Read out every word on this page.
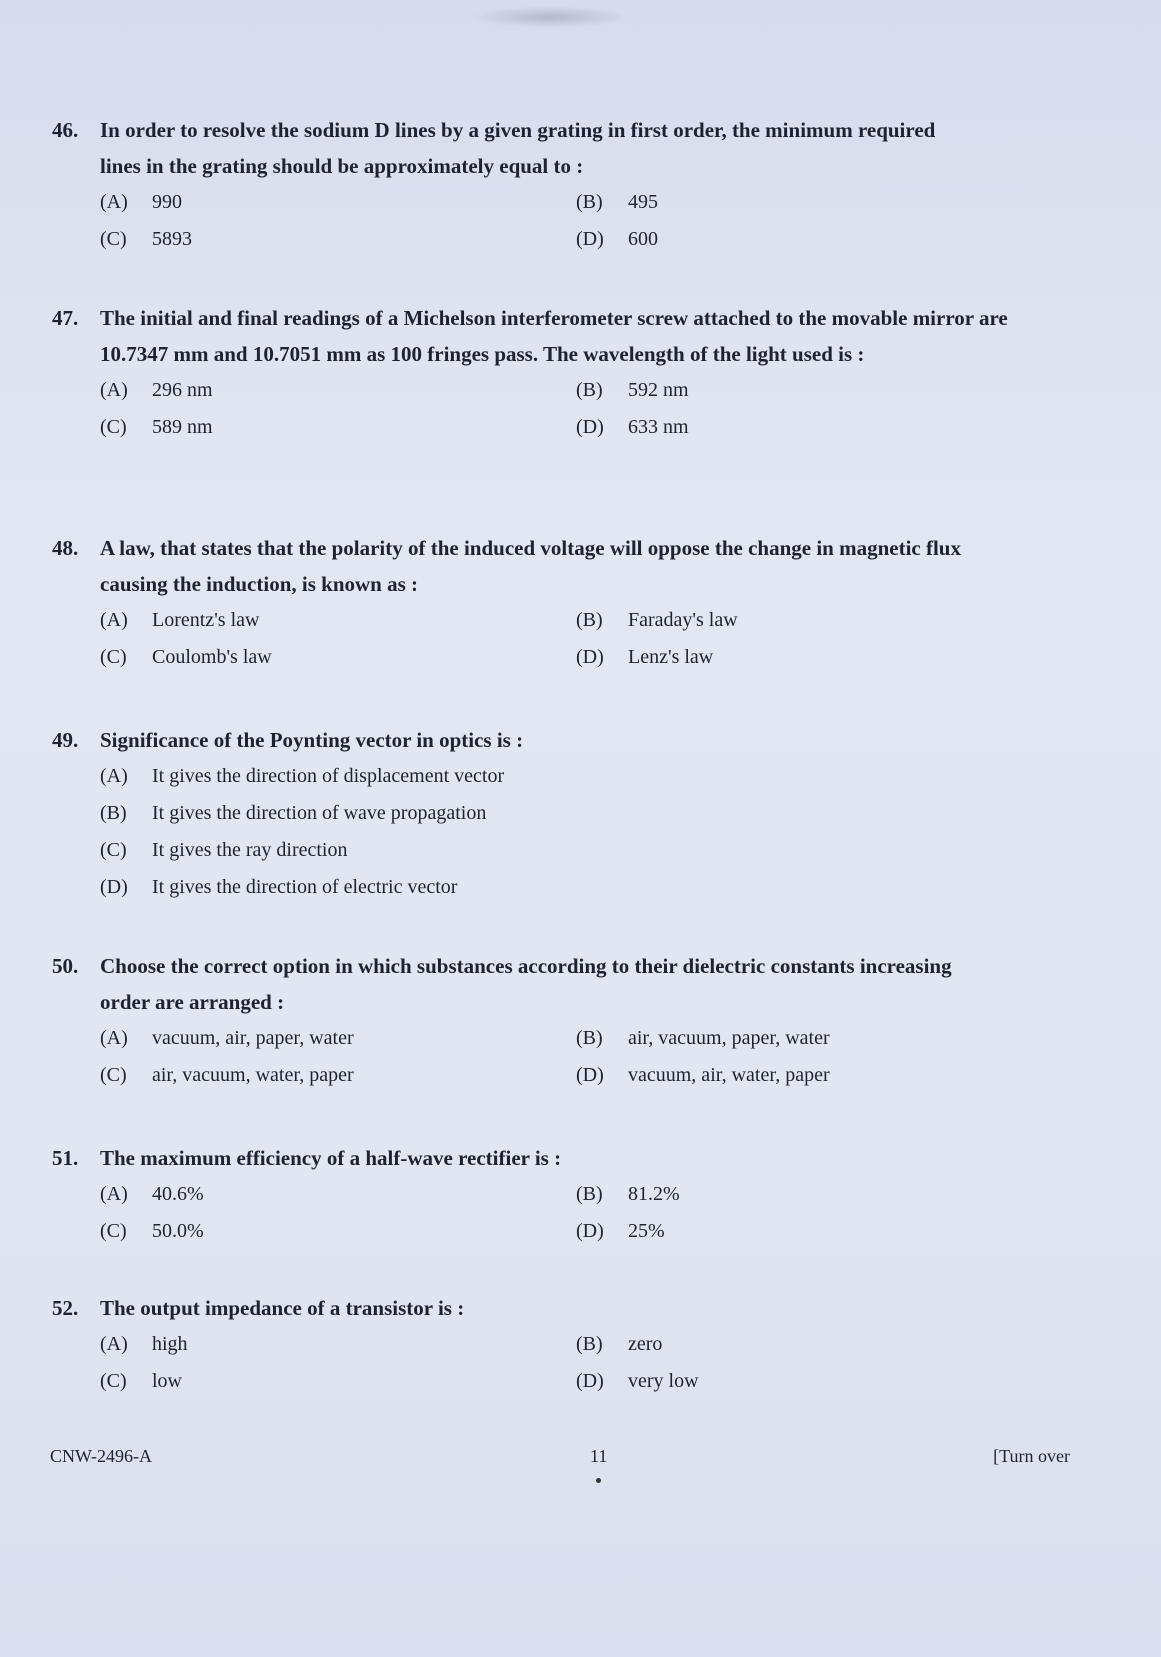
46.	In order to resolve the sodium D lines by a given grating in first order, the minimum required lines in the grating should be approximately equal to :
(A)	990	(B)	495
(C)	5893	(D)	600
47.	The initial and final readings of a Michelson interferometer screw attached to the movable mirror are 10.7347 mm and 10.7051 mm as 100 fringes pass. The wavelength of the light used is :
(A)	296 nm	(B)	592 nm
(C)	589 nm	(D)	633 nm
48.	A law, that states that the polarity of the induced voltage will oppose the change in magnetic flux causing the induction, is known as :
(A)	Lorentz's law	(B)	Faraday's law
(C)	Coulomb's law	(D)	Lenz's law
49.	Significance of the Poynting vector in optics is :
(A)	It gives the direction of displacement vector
(B)	It gives the direction of wave propagation
(C)	It gives the ray direction
(D)	It gives the direction of electric vector
50.	Choose the correct option in which substances according to their dielectric constants increasing order are arranged :
(A)	vacuum, air, paper, water	(B)	air, vacuum, paper, water
(C)	air, vacuum, water, paper	(D)	vacuum, air, water, paper
51.	The maximum efficiency of a half-wave rectifier is :
(A)	40.6%	(B)	81.2%
(C)	50.0%	(D)	25%
52.	The output impedance of a transistor is :
(A)	high	(B)	zero
(C)	low	(D)	very low
CNW-2496-A	11	[Turn over
